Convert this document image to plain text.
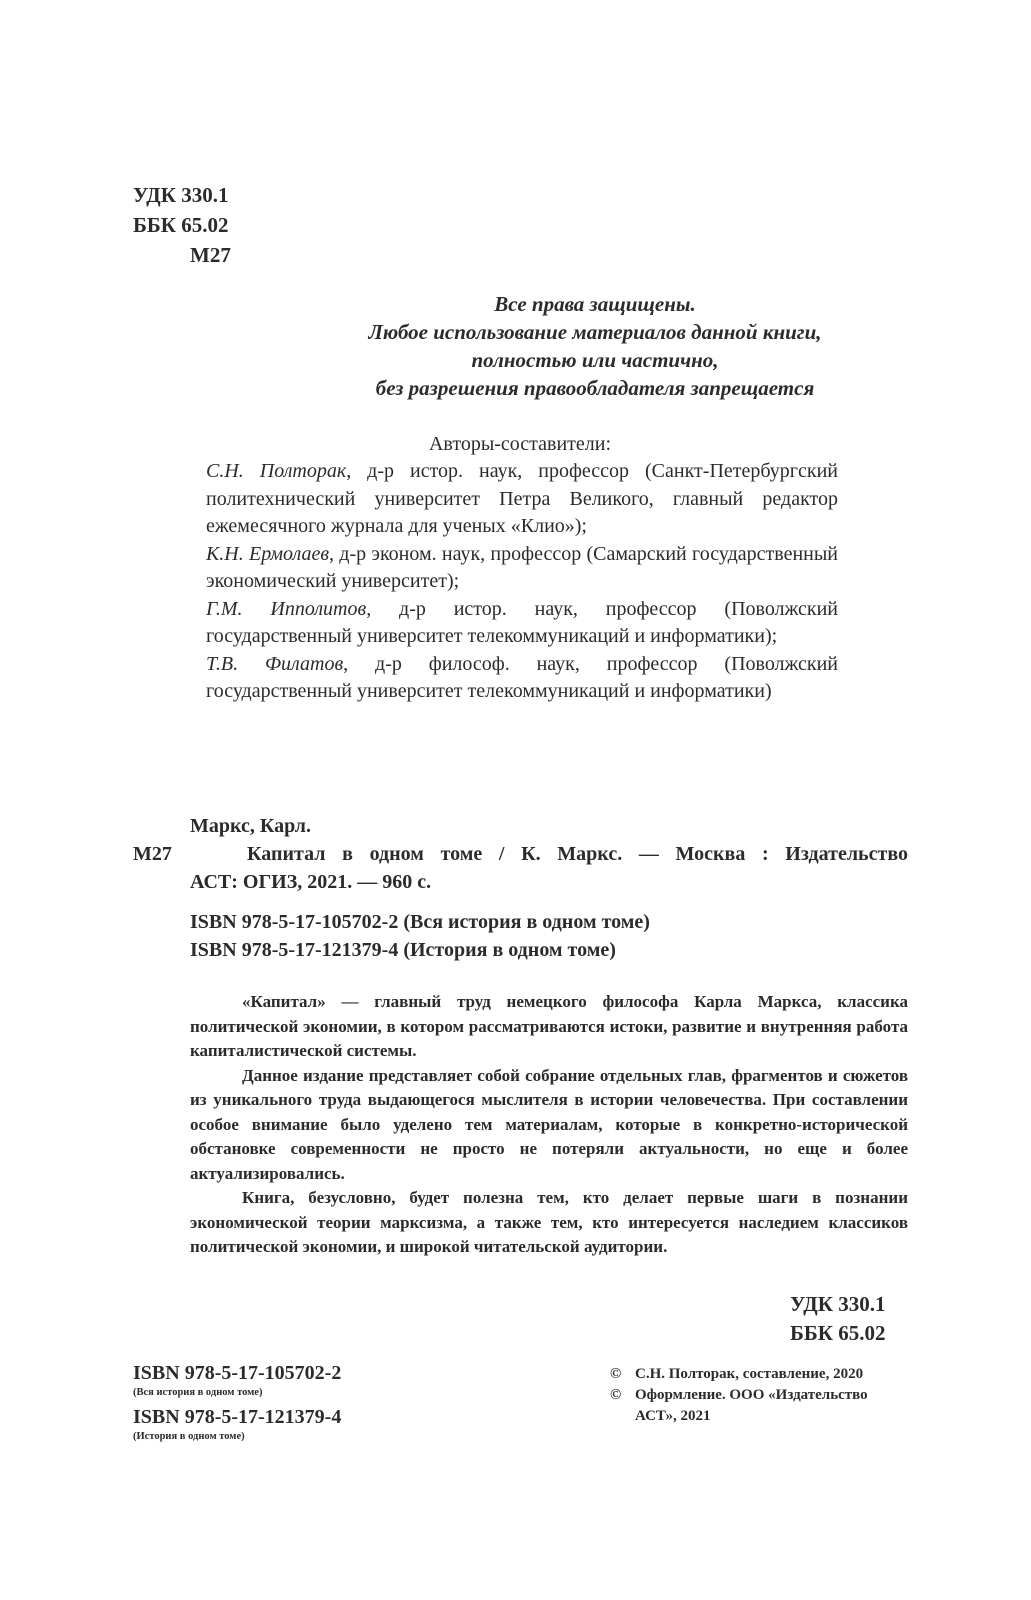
УДК 330.1
ББК 65.02
М27
Все права защищены.
Любое использование материалов данной книги,
полностью или частично,
без разрешения правообладателя запрещается
Авторы-составители:

С.Н. Полторак, д-р истор. наук, профессор (Санкт-Петербургский политехнический университет Петра Великого, главный редактор ежемесячного журнала для ученых «Клио»);

К.Н. Ермолаев, д-р эконом. наук, профессор (Самарский государственный экономический университет);

Г.М. Ипполитов, д-р истор. наук, профессор (Поволжский государственный университет телекоммуникаций и информатики);

Т.В. Филатов, д-р философ. наук, профессор (Поволжский государственный университет телекоммуникаций и информатики)

Маркс, Карл.
М27	Капитал в одном томе / К. Маркс. — Москва : Издательство
АСТ: ОГИЗ, 2021. — 960 с.
ISBN 978-5-17-105702-2 (Вся история в одном томе)
ISBN 978-5-17-121379-4 (История в одном томе)

«Капитал» — главный труд немецкого философа Карла Маркса, классика политической экономии, в котором рассматриваются истоки, развитие и внутренняя работа капиталистической системы.

Данное издание представляет собой собрание отдельных глав, фрагментов и сюжетов из уникального труда выдающегося мыслителя в истории человечества. При составлении особое внимание было уделено тем материалам, которые в конкретно-исторической обстановке современности не просто не потеряли актуальности, но еще и более актуализировались.

Книга, безусловно, будет полезна тем, кто делает первые шаги в познании экономической теории марксизма, а также тем, кто интересуется наследием классиков политической экономии, и широкой читательской аудитории.

УДК 330.1
ББК 65.02
ISBN 978-5-17-105702-2
(Вся история в одном томе)
ISBN 978-5-17-121379-4
(История в одном томе)
© С.Н. Полторак, составление, 2020
© Оформление. ООО «Издательство АСТ», 2021
